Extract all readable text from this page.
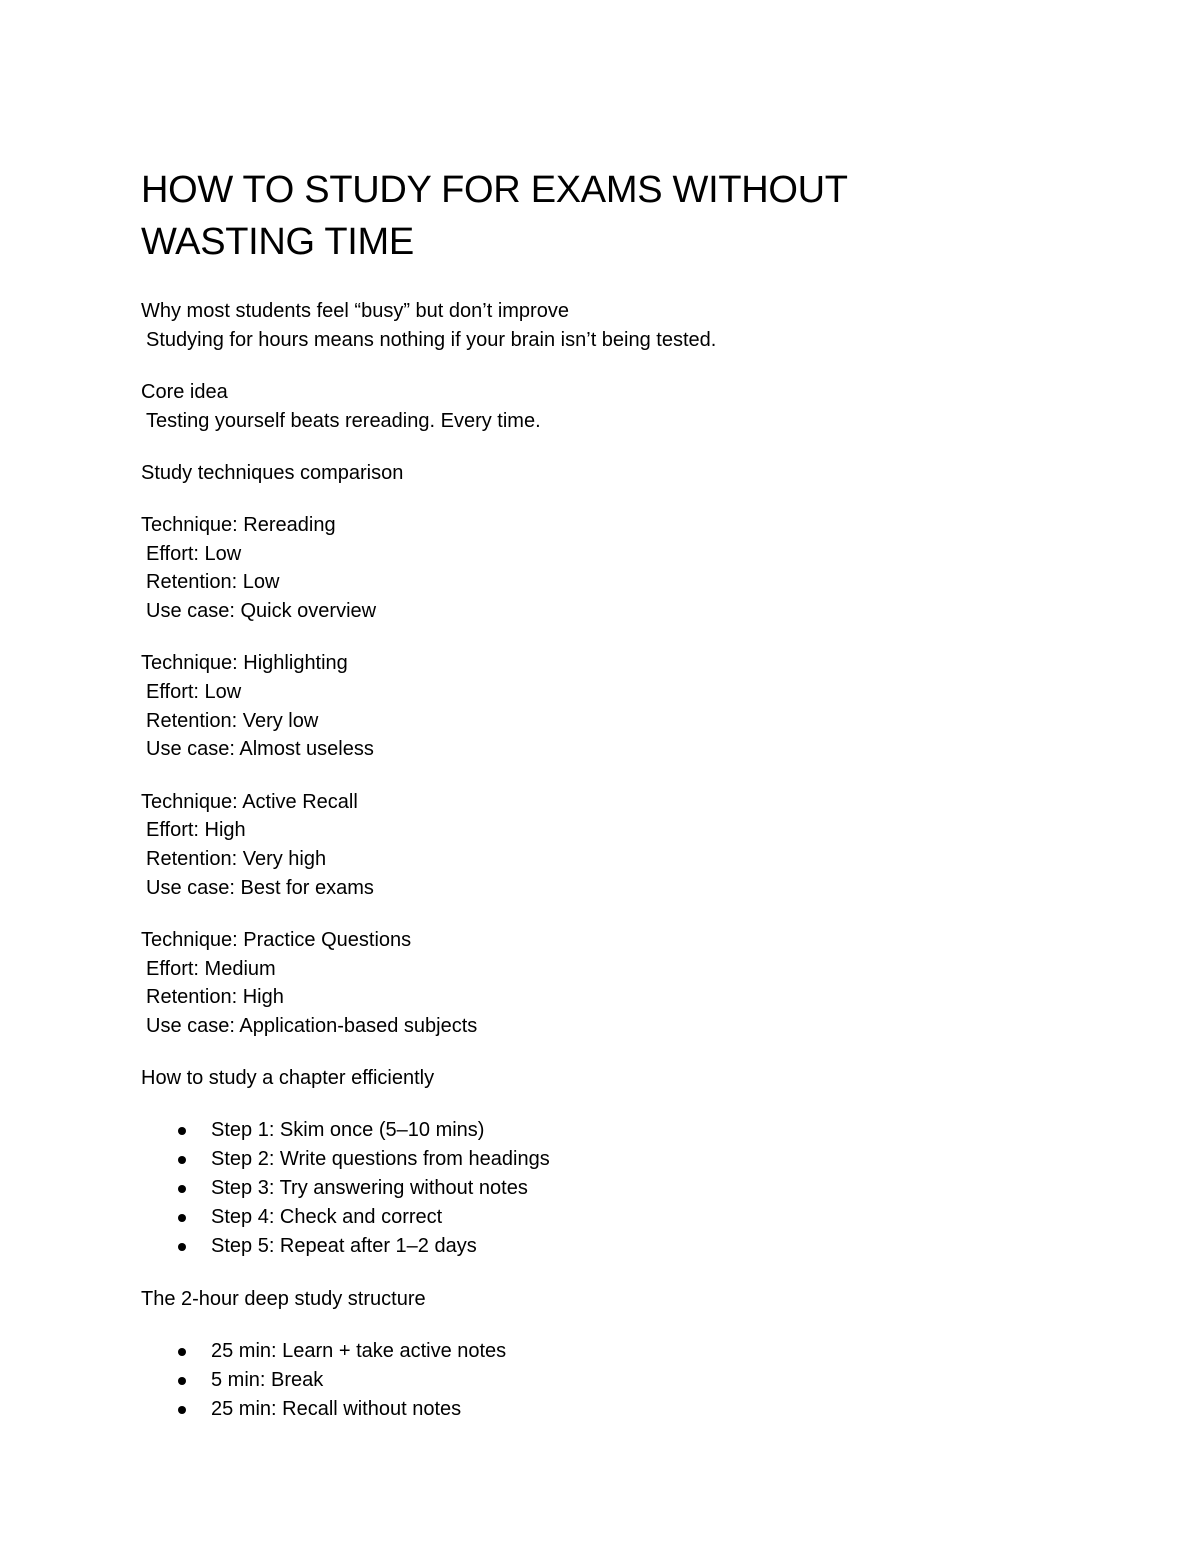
HOW TO STUDY FOR EXAMS WITHOUT
WASTING TIME

Why most students feel “busy” but don’t improve

Studying for hours means nothing if your brain isn’t being tested.

Core idea

Testing yourself beats rereading. Every time.

Study techniques comparison

Technique: Rereading

Effort: Low

Retention: Low

Use case: Quick overview

Technique: Highlighting

Effort: Low

Retention: Very low

Use case: Almost useless

Technique: Active Recall

Effort: High

Retention: Very high

Use case: Best for exams

Technique: Practice Questions

Effort: Medium

Retention: High

Use case: Application-based subjects

How to study a chapter efficiently

Step 1: Skim once (5–10 mins)
Step 2: Write questions from headings
Step 3: Try answering without notes
Step 4: Check and correct
Step 5: Repeat after 1–2 days

The 2-hour deep study structure

25 min: Learn + take active notes
5 min: Break
25 min: Recall without notes
